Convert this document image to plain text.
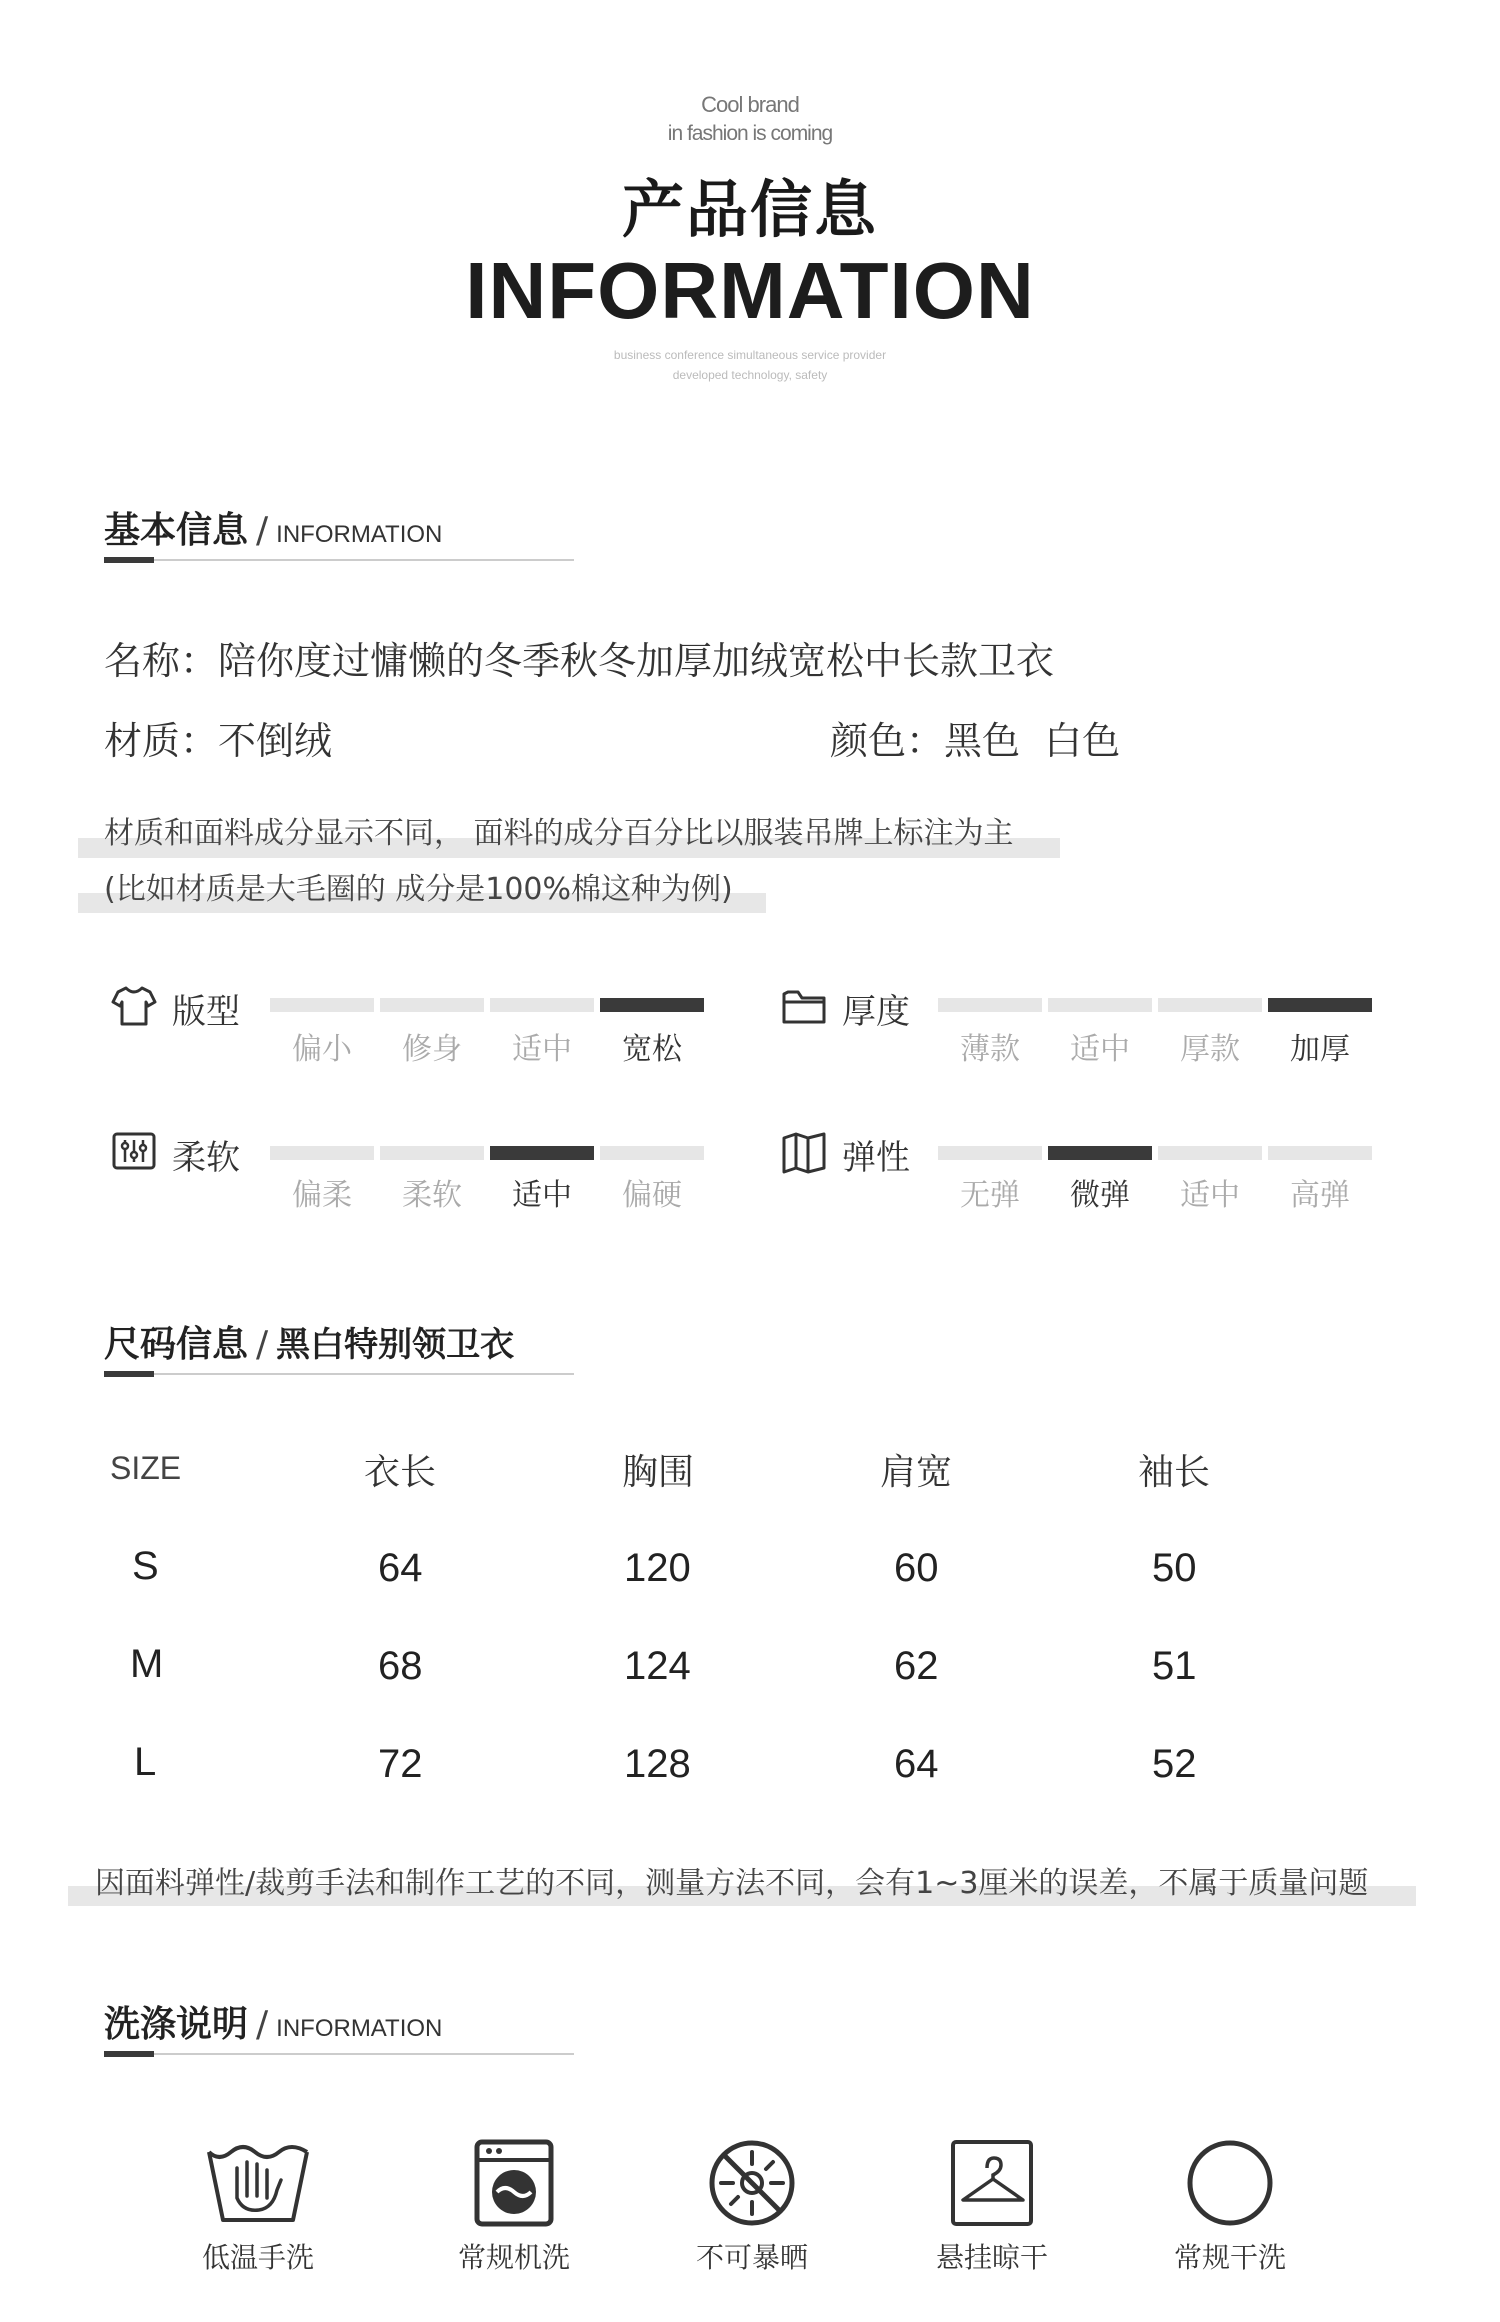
Cool brand
in fashion is coming
产品信息
INFORMATION
business conference simultaneous service provider
developed technology, safety
基本信息 / INFORMATION
名称：陪你度过慵懒的冬季秋冬加厚加绒宽松中长款卫衣
材质：不倒绒	颜色：黑色  白色
材质和面料成分显示不同， 面料的成分百分比以服装吊牌上标注为主
(比如材质是大毛圈的 成分是100%棉这种为例)
版型
偏小	修身	适中	宽松
厚度
薄款	适中	厚款	加厚
柔软
偏柔	柔软	适中	偏硬
弹性
无弹	微弹	适中	高弹
尺码信息 / 黑白特别领卫衣
SIZE	衣长	胸围	肩宽	袖长
S	64	120	60	50
M	68	124	62	51
L	72	128	64	52
因面料弹性/裁剪手法和制作工艺的不同，测量方法不同，会有1~3厘米的误差，不属于质量问题
洗涤说明 / INFORMATION
低温手洗	常规机洗	不可暴晒	悬挂晾干	常规干洗
